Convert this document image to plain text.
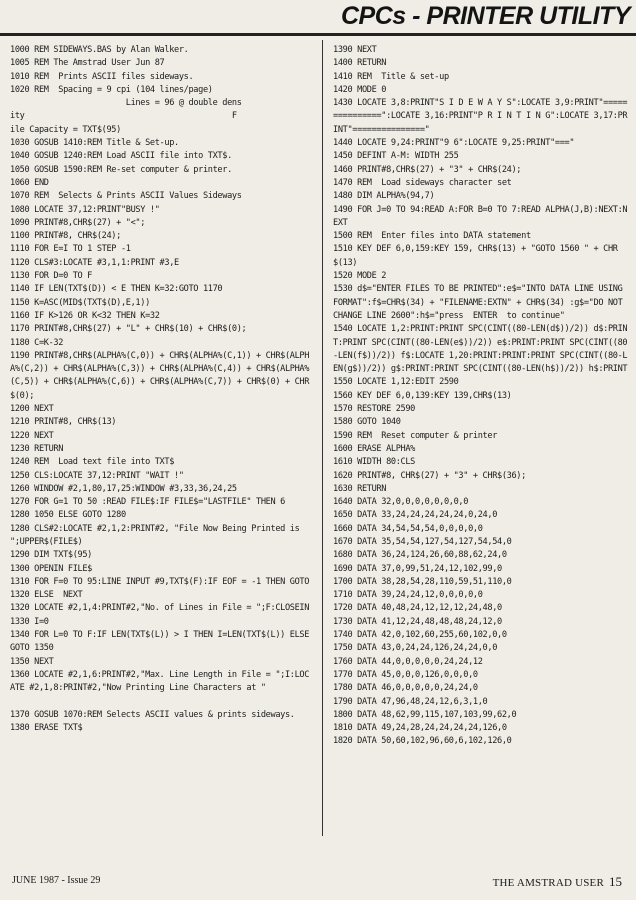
CPCs - PRINTER UTILITY
1000 REM SIDEWAYS.BAS by Alan Walker.
1005 REM The Amstrad User Jun 87
1010 REM  Prints ASCII files sideways.
1020 REM  Spacing = 9 cpi (104 lines/page)
Lines = 96 @ double dens
ity                                           F
ile Capacity = TXT$(95)
1030 GOSUB 1410:REM Title & Set-up.
1040 GOSUB 1240:REM Load ASCII file into TXT$.
1050 GOSUB 1590:REM Re-set computer & printer.
1060 END
1070 REM  Selects & Prints ASCII Values Sideways
1080 LOCATE 37,12:PRINT"BUSY !"
1090 PRINT#8,CHR$(27) + "<";
1100 PRINT#8, CHR$(24);
1110 FOR E=I TO 1 STEP -1
1120 CLS#3:LOCATE #3,1,1:PRINT #3,E
1130 FOR D=0 TO F
1140 IF LEN(TXT$(D)) < E THEN K=32:GOTO 1170
1150 K=ASC(MID$(TXT$(D),E,1))
1160 IF K>126 OR K<32 THEN K=32
1170 PRINT#8,CHR$(27) + "L" + CHR$(10) + CHR$(0);
1180 C=K-32
1190 PRINT#8,CHR$(ALPHA%(C,0)) + CHR$(ALPHA%(C,1)) + CHR$(ALPHA%(C,2)) + CHR$(ALPHA%(C,3)) + CHR$(ALPHA%(C,4)) + CHR$(ALPHA%(C,5)) + CHR$(ALPHA%(C,6)) + CHR$(ALPHA%(C,7)) + CHR$(0) + CHR$(0);
1200 NEXT
1210 PRINT#8, CHR$(13)
1220 NEXT
1230 RETURN
1240 REM  Load text file into TXT$
1250 CLS:LOCATE 37,12:PRINT "WAIT !"
1260 WINDOW #2,1,80,17,25:WINDOW #3,33,36,24,25
1270 FOR G=1 TO 50 :READ FILE$:IF FILE$="LASTFILE" THEN 6
1280 1050 ELSE GOTO 1280
1280 CLS#2:LOCATE #2,1,2:PRINT#2, "File Now Being Printed is ";UPPER$(FILE$)
1290 DIM TXT$(95)
1300 OPENIN FILE$
1310 FOR F=0 TO 95:LINE INPUT #9,TXT$(F):IF EOF = -1 THEN GOTO 1320 ELSE  NEXT
1320 LOCATE #2,1,4:PRINT#2,"No. of Lines in File = ";F:CLOSEIN
1330 I=0
1340 FOR L=0 TO F:IF LEN(TXT$(L)) > I THEN I=LEN(TXT$(L)) ELSE GOTO 1350
1350 NEXT
1360 LOCATE #2,1,6:PRINT#2,"Max. Line Length in File = ";I:LOCATE #2,1,8:PRINT#2,"Now Printing Line Characters at "
1370 GOSUB 1070:REM Selects ASCII values & prints sideways.
1380 ERASE TXT$
1390 NEXT
1400 RETURN
1410 REM  Title & set-up
1420 MODE 0
1430 LOCATE 3,8:PRINT"S I D E W A Y S":LOCATE 3,9:PRINT"===============":LOCATE 3,16:PRINT"P R I N T I N G":LOCATE 3,17:PRINT"==============="
1440 LOCATE 9,24:PRINT"9 6":LOCATE 9,25:PRINT"==="
1450 DEFINT A-M: WIDTH 255
1460 PRINT#8,CHR$(27) + "3" + CHR$(24);
1470 REM  Load sideways character set
1480 DIM ALPHA%(94,7)
1490 FOR J=0 TO 94:READ A:FOR B=0 TO 7:READ ALPHA(J,B):NEXT:NEXT
1500 REM  Enter files into DATA statement
1510 KEY DEF 6,0,159:KEY 159, CHR$(13) + "GOTO 1560 " + CHR$(13)
1520 MODE 2
1530 d$="ENTER FILES TO BE PRINTED":e$="INTO DATA LINE USING FORMAT":f$=CHR$(34) + "FILENAME:EXTN" + CHR$(34) :g$="DO NOT CHANGE LINE 2600":h$="press  ENTER  to continue"
1540 LOCATE 1,2:PRINT:PRINT SPC(CINT((80-LEN(d$))/2)) d$:PRINT:PRINT SPC(CINT((80-LEN(e$))/2)) e$:PRINT:PRINT SPC(CINT((80-LEN(f$))/2)) f$:LOCATE 1,20:PRINT:PRINT:PRINT SPC(CINT((80-LEN(g$))/2)) g$:PRINT:PRINT SPC(CINT((80-LEN(h$))/2)) h$:PRINT
1550 LOCATE 1,12:EDIT 2590
1560 KEY DEF 6,0,139:KEY 139,CHR$(13)
1570 RESTORE 2590
1580 GOTO 1040
1590 REM  Reset computer & printer
1600 ERASE ALPHA%
1610 WIDTH 80:CLS
1620 PRINT#8, CHR$(27) + "3" + CHR$(36);
1630 RETURN
1640 DATA 32,0,0,0,0,0,0,0,0
1650 DATA 33,24,24,24,24,24,0,24,0
1660 DATA 34,54,54,54,0,0,0,0,0
1670 DATA 35,54,54,127,54,127,54,54,0
1680 DATA 36,24,124,26,60,88,62,24,0
1690 DATA 37,0,99,51,24,12,102,99,0
1700 DATA 38,28,54,28,110,59,51,110,0
1710 DATA 39,24,24,12,0,0,0,0,0
1720 DATA 40,48,24,12,12,12,24,48,0
1730 DATA 41,12,24,48,48,48,24,12,0
1740 DATA 42,0,102,60,255,60,102,0,0
1750 DATA 43,0,24,24,126,24,24,0,0
1760 DATA 44,0,0,0,0,0,24,24,12
1770 DATA 45,0,0,0,126,0,0,0,0
1780 DATA 46,0,0,0,0,0,24,24,0
1790 DATA 47,96,48,24,12,6,3,1,0
1800 DATA 48,62,99,115,107,103,99,62,0
1810 DATA 49,24,28,24,24,24,24,126,0
1820 DATA 50,60,102,96,60,6,102,126,0
JUNE 1987 - Issue 29	THE AMSTRAD USER 15
